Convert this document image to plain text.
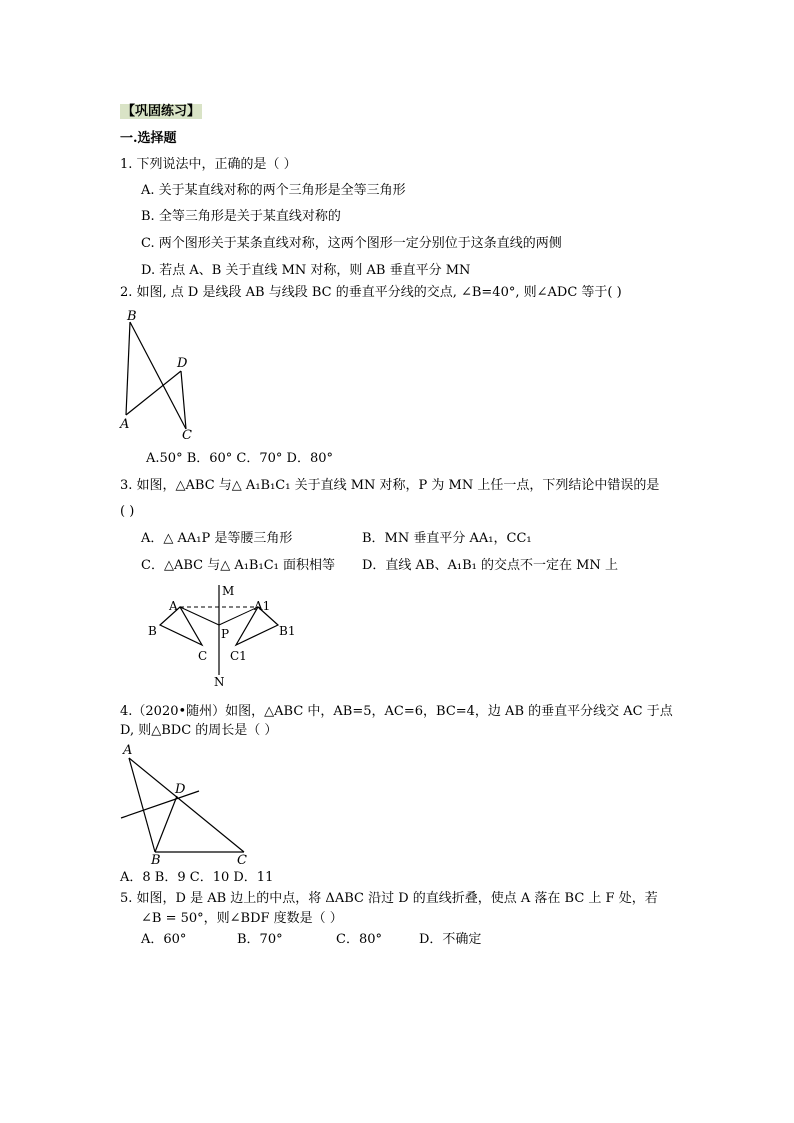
【巩固练习】
一.选择题
1. 下列说法中，正确的是（ ）
A. 关于某直线对称的两个三角形是全等三角形
B. 全等三角形是关于某直线对称的
C. 两个图形关于某条直线对称，这两个图形一定分别位于这条直线的两侧
D. 若点 A、B 关于直线 MN 对称，则 AB 垂直平分 MN
2. 如图, 点 D 是线段 AB 与线段 BC 的垂直平分线的交点, ∠B=40°, 则∠ADC 等于( )
B
D
A
C
A.50° B．60° C．70° D．80°
3. 如图，△ABC 与△ A₁B₁C₁ 关于直线 MN 对称，P 为 MN 上任一点，下列结论中错误的是
( )
A．△ AA₁P 是等腰三角形	B．MN 垂直平分 AA₁，CC₁
C．△ABC 与△ A₁B₁C₁ 面积相等 D．直线 AB、A₁B₁ 的交点不一定在 MN 上
M
A	A1
B	P	B1
C C1
N
4.（2020•随州）如图，△ABC 中，AB=5，AC=6，BC=4，边 AB 的垂直平分线交 AC 于点
D, 则△BDC 的周长是（ ）
A
D
B	C
A．8 B．9 C．10 D．11
5. 如图，D 是 AB 边上的中点，将 ΔABC 沿过 D 的直线折叠，使点 A 落在 BC 上 F 处，若
∠B = 50°，则∠BDF 度数是（ ）
A．60°	B．70°	C．80°	D．不确定
